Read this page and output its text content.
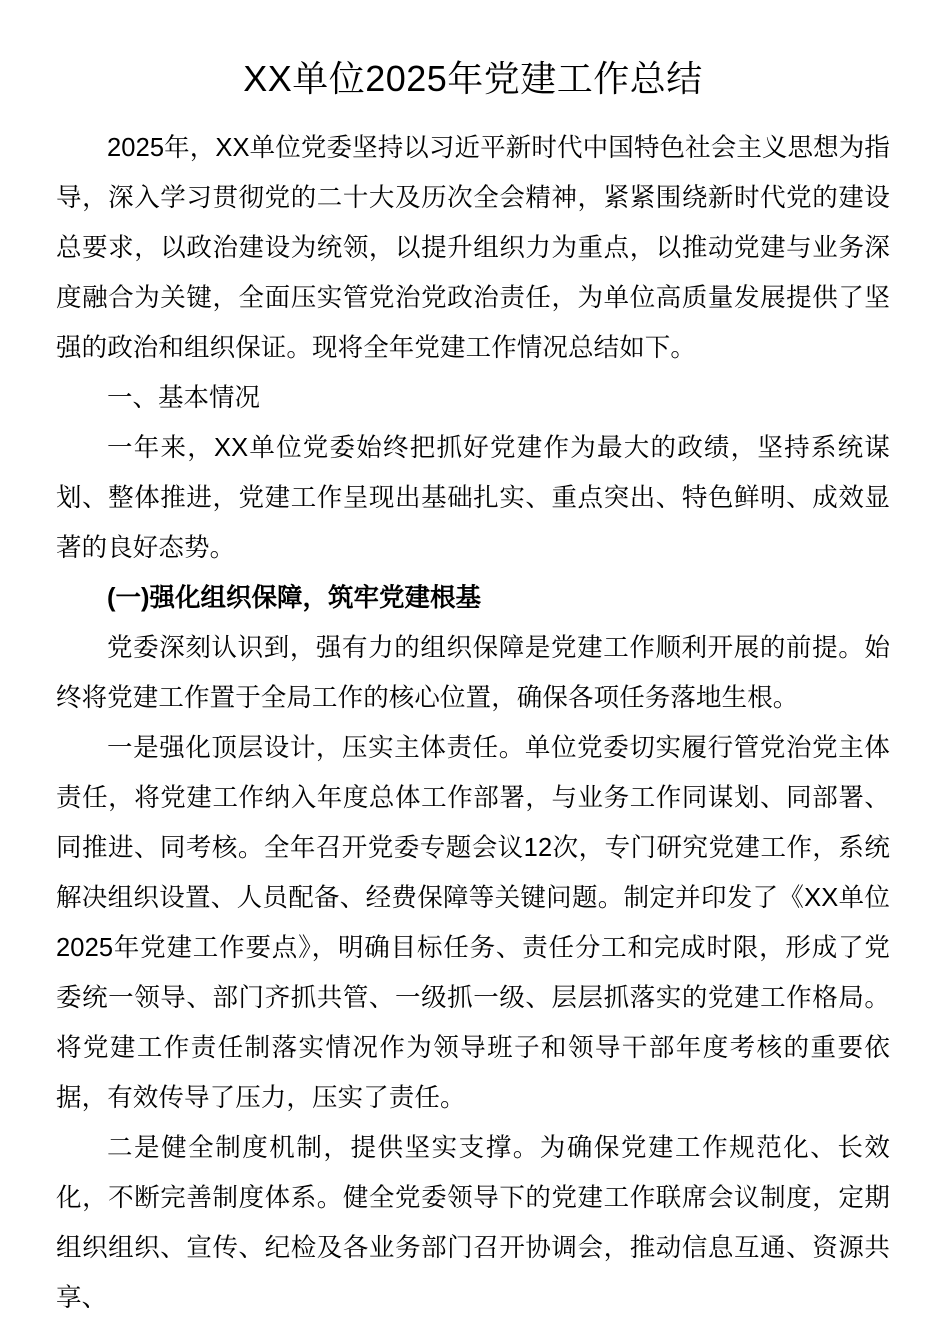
XX单位2025年党建工作总结

2025年，XX单位党委坚持以习近平新时代中国特色社会主义思想为指导，深入学习贯彻党的二十大及历次全会精神，紧紧围绕新时代党的建设总要求，以政治建设为统领，以提升组织力为重点，以推动党建与业务深度融合为关键，全面压实管党治党政治责任，为单位高质量发展提供了坚强的政治和组织保证。现将全年党建工作情况总结如下。

一、基本情况

一年来，XX单位党委始终把抓好党建作为最大的政绩，坚持系统谋划、整体推进，党建工作呈现出基础扎实、重点突出、特色鲜明、成效显著的良好态势。

(一)强化组织保障，筑牢党建根基

党委深刻认识到，强有力的组织保障是党建工作顺利开展的前提。始终将党建工作置于全局工作的核心位置，确保各项任务落地生根。

一是强化顶层设计，压实主体责任。单位党委切实履行管党治党主体责任，将党建工作纳入年度总体工作部署，与业务工作同谋划、同部署、同推进、同考核。全年召开党委专题会议12次，专门研究党建工作，系统解决组织设置、人员配备、经费保障等关键问题。制定并印发了《XX单位2025年党建工作要点》，明确目标任务、责任分工和完成时限，形成了党委统一领导、部门齐抓共管、一级抓一级、层层抓落实的党建工作格局。将党建工作责任制落实情况作为领导班子和领导干部年度考核的重要依据，有效传导了压力，压实了责任。

二是健全制度机制，提供坚实支撑。为确保党建工作规范化、长效化，不断完善制度体系。健全党委领导下的党建工作联席会议制度，定期组织组织、宣传、纪检及各业务部门召开协调会，推动信息互通、资源共享、
